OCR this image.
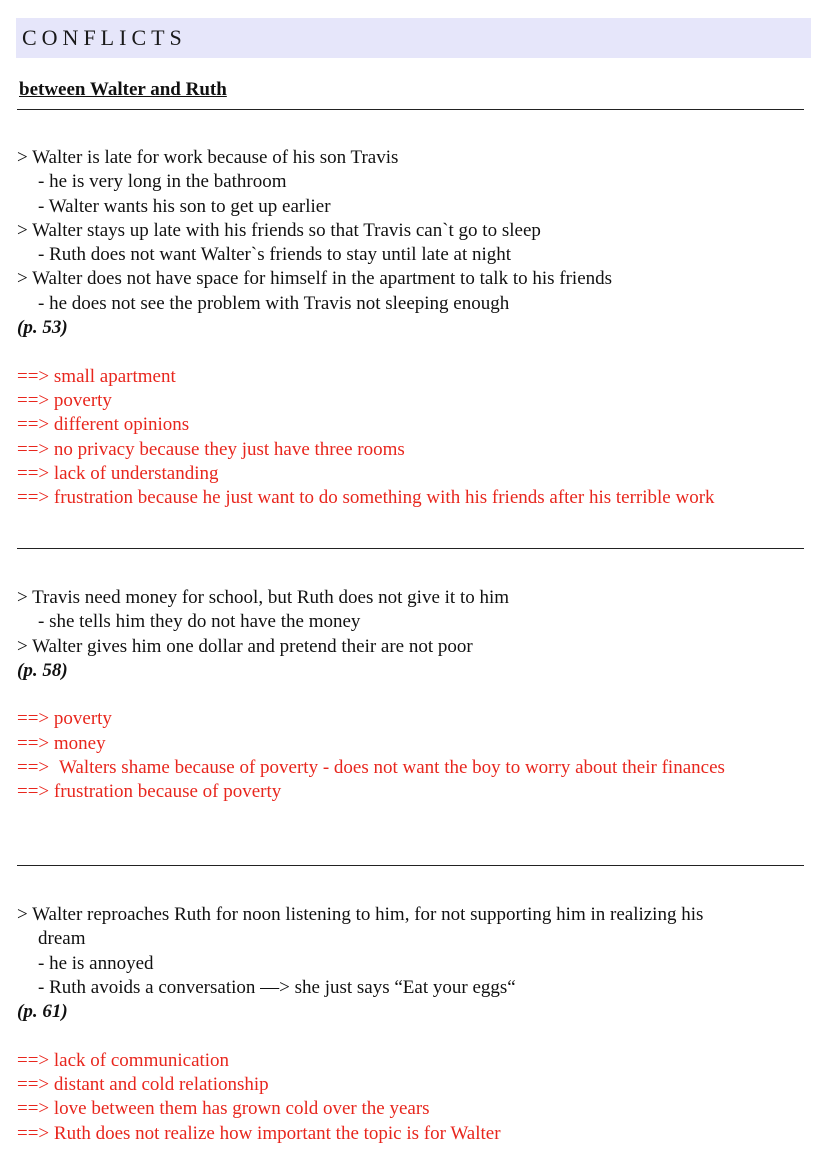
CONFLICTS
between Walter and Ruth
> Walter is late for work because of his son Travis
- he is very long in the bathroom
- Walter wants his son to get up earlier
> Walter stays up late with his friends so that Travis can`t go to sleep
- Ruth does not want Walter`s friends to stay until late at night
> Walter does not have space for himself in the apartment to talk to his friends
- he does not see the problem with Travis not sleeping enough
(p. 53)
==> small apartment
==> poverty
==> different opinions
==> no privacy because they just have three rooms
==> lack of understanding
==> frustration because he just want to do something with his friends after his terrible work
> Travis need money for school, but Ruth does not give it to him
- she tells him they do not have the money
> Walter gives him one dollar and pretend their are not poor
(p. 58)
==> poverty
==> money
==> Walters shame because of poverty - does not want the boy to worry about their finances
==> frustration because of poverty
> Walter reproaches Ruth for noon listening to him, for not supporting him in realizing his
dream
- he is annoyed
- Ruth avoids a conversation —> she just says “Eat your eggs“
(p. 61)
==> lack of communication
==> distant and cold relationship
==> love between them has grown cold over the years
==> Ruth does not realize how important the topic is for Walter
